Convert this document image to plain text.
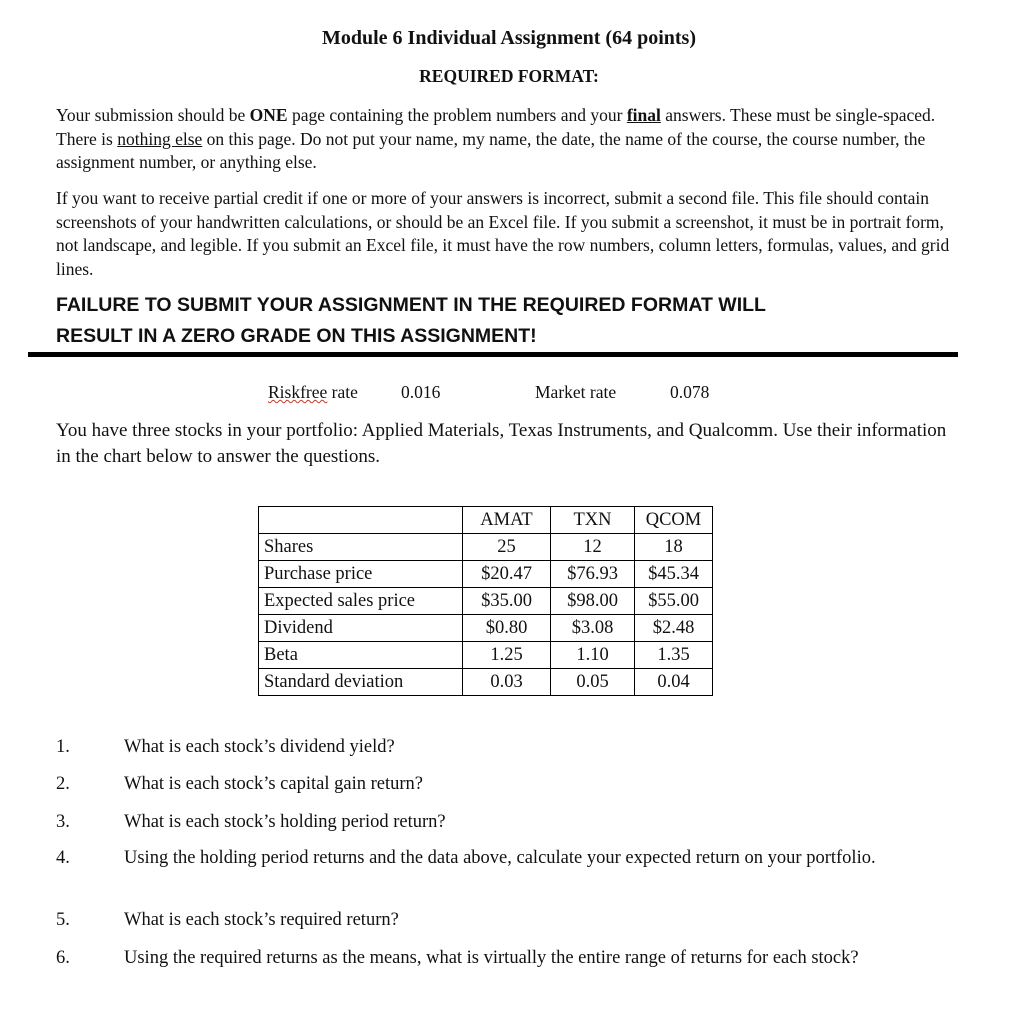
Module 6 Individual Assignment (64 points)
REQUIRED FORMAT:
Your submission should be ONE page containing the problem numbers and your final answers. These must be single-spaced. There is nothing else on this page. Do not put your name, my name, the date, the name of the course, the course number, the assignment number, or anything else.
If you want to receive partial credit if one or more of your answers is incorrect, submit a second file. This file should contain screenshots of your handwritten calculations, or should be an Excel file. If you submit a screenshot, it must be in portrait form, not landscape, and legible. If you submit an Excel file, it must have the row numbers, column letters, formulas, values, and grid lines.
FAILURE TO SUBMIT YOUR ASSIGNMENT IN THE REQUIRED FORMAT WILL
RESULT IN A ZERO GRADE ON THIS ASSIGNMENT!
Riskfree rate 0.016	Market rate	0.078
You have three stocks in your portfolio: Applied Materials, Texas Instruments, and Qualcomm. Use their information in the chart below to answer the questions.
	AMAT	TXN	QCOM
Shares	25	12	18
Purchase price	$20.47	$76.93	$45.34
Expected sales price	$35.00	$98.00	$55.00
Dividend	$0.80	$3.08	$2.48
Beta	1.25	1.10	1.35
Standard deviation	0.03	0.05	0.04
1.	What is each stock’s dividend yield?
2.	What is each stock’s capital gain return?
3.	What is each stock’s holding period return?
4.	Using the holding period returns and the data above, calculate your expected return on your portfolio.
5.	What is each stock’s required return?
6.	Using the required returns as the means, what is virtually the entire range of returns for each stock?
